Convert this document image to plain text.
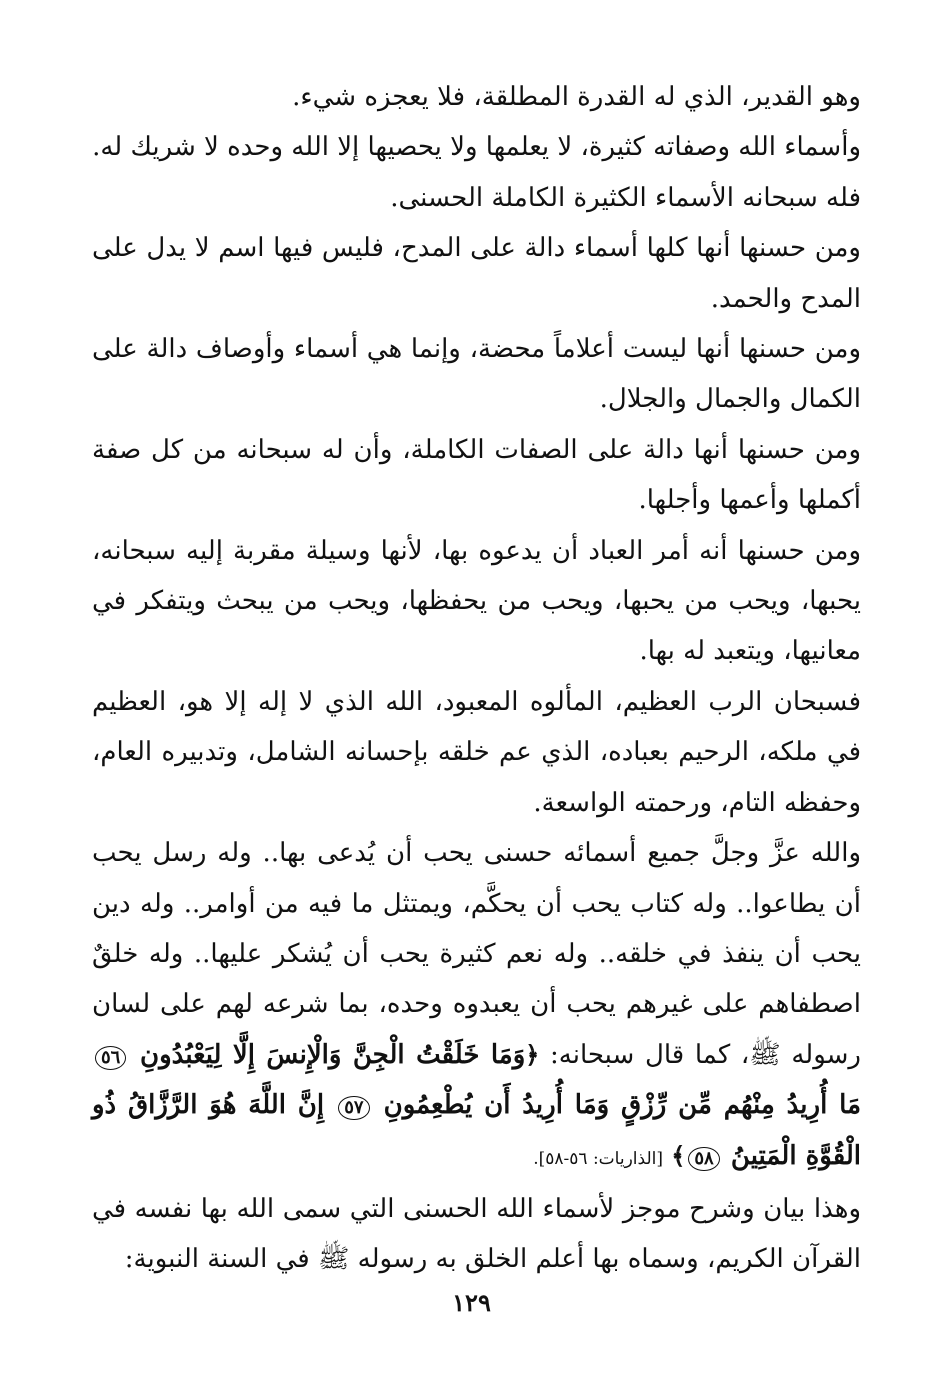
وهو القدير، الذي له القدرة المطلقة، فلا يعجزه شيء.

وأسماء الله وصفاته كثيرة، لا يعلمها ولا يحصيها إلا الله وحده لا شريك له.

فله سبحانه الأسماء الكثيرة الكاملة الحسنى.

ومن حسنها أنها كلها أسماء دالة على المدح، فليس فيها اسم لا يدل على المدح والحمد.

ومن حسنها أنها ليست أعلاماً محضة، وإنما هي أسماء وأوصاف دالة على الكمال والجمال والجلال.

ومن حسنها أنها دالة على الصفات الكاملة، وأن له سبحانه من كل صفة أكملها وأعمها وأجلها.

ومن حسنها أنه أمر العباد أن يدعوه بها، لأنها وسيلة مقربة إليه سبحانه، يحبها، ويحب من يحبها، ويحب من يحفظها، ويحب من يبحث ويتفكر في معانيها، ويتعبد له بها.

فسبحان الرب العظيم، المألوه المعبود، الله الذي لا إله إلا هو، العظيم في ملكه، الرحيم بعباده، الذي عم خلقه بإحسانه الشامل، وتدبيره العام، وحفظه التام، ورحمته الواسعة.

والله عزَّ وجلَّ جميع أسمائه حسنى يحب أن يُدعى بها.. وله رسل يحب أن يطاعوا.. وله كتاب يحب أن يحكَّم، ويمتثل ما فيه من أوامر.. وله دين يحب أن ينفذ في خلقه.. وله نعم كثيرة يحب أن يُشكر عليها.. وله خلقٌ اصطفاهم على غيرهم يحب أن يعبدوه وحده، بما شرعه لهم على لسان رسوله ﷺ، كما قال سبحانه: ﴿وَمَا خَلَقْتُ الْجِنَّ وَالْإِنسَ إِلَّا لِيَعْبُدُونِ ٥٦ مَا أُرِيدُ مِنْهُم مِّن رِّزْقٍ وَمَا أُرِيدُ أَن يُطْعِمُونِ ٥٧ إِنَّ اللَّهَ هُوَ الرَّزَّاقُ ذُو الْقُوَّةِ الْمَتِينُ ٥٨﴾ [الذاريات: ٥٦-٥٨].

وهذا بيان وشرح موجز لأسماء الله الحسنى التي سمى الله بها نفسه في القرآن الكريم، وسماه بها أعلم الخلق به رسوله ﷺ في السنة النبوية:

١٢٩
